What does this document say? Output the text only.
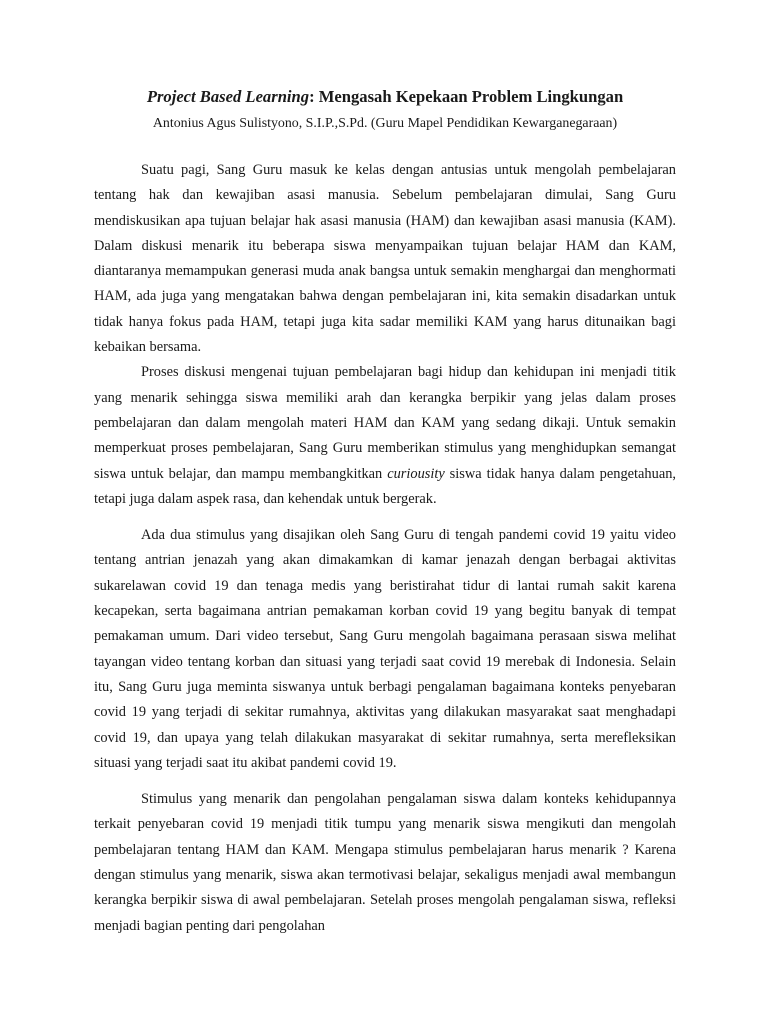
Project Based Learning: Mengasah Kepekaan Problem Lingkungan

Antonius Agus Sulistyono, S.I.P.,S.Pd. (Guru Mapel Pendidikan Kewarganegaraan)

Suatu pagi, Sang Guru masuk ke kelas dengan antusias untuk mengolah pembelajaran tentang hak dan kewajiban asasi manusia. Sebelum pembelajaran dimulai, Sang Guru mendiskusikan apa tujuan belajar hak asasi manusia (HAM) dan kewajiban asasi manusia (KAM). Dalam diskusi menarik itu beberapa siswa menyampaikan tujuan belajar HAM dan KAM, diantaranya memampukan generasi muda anak bangsa untuk semakin menghargai dan menghormati HAM, ada juga yang mengatakan bahwa dengan pembelajaran ini, kita semakin disadarkan untuk tidak hanya fokus pada HAM, tetapi juga kita sadar memiliki KAM yang harus ditunaikan bagi kebaikan bersama.

Proses diskusi mengenai tujuan pembelajaran bagi hidup dan kehidupan ini menjadi titik yang menarik sehingga siswa memiliki arah dan kerangka berpikir yang jelas dalam proses pembelajaran dan dalam mengolah materi HAM dan KAM yang sedang dikaji. Untuk semakin memperkuat proses pembelajaran, Sang Guru memberikan stimulus yang menghidupkan semangat siswa untuk belajar, dan mampu membangkitkan curiousity siswa tidak hanya dalam pengetahuan, tetapi juga dalam aspek rasa, dan kehendak untuk bergerak.

Ada dua stimulus yang disajikan oleh Sang Guru di tengah pandemi covid 19 yaitu video tentang antrian jenazah yang akan dimakamkan di kamar jenazah dengan berbagai aktivitas sukarelawan covid 19 dan tenaga medis yang beristirahat tidur di lantai rumah sakit karena kecapekan, serta bagaimana antrian pemakaman korban covid 19 yang begitu banyak di tempat pemakaman umum. Dari video tersebut, Sang Guru mengolah bagaimana perasaan siswa melihat tayangan video tentang korban dan situasi yang terjadi saat covid 19 merebak di Indonesia. Selain itu, Sang Guru juga meminta siswanya untuk berbagi pengalaman bagaimana konteks penyebaran covid 19 yang terjadi di sekitar rumahnya, aktivitas yang dilakukan masyarakat saat menghadapi covid 19, dan upaya yang telah dilakukan masyarakat di sekitar rumahnya, serta merefleksikan situasi yang terjadi saat itu akibat pandemi covid 19.

Stimulus yang menarik dan pengolahan pengalaman siswa dalam konteks kehidupannya terkait penyebaran covid 19 menjadi titik tumpu yang menarik siswa mengikuti dan mengolah pembelajaran tentang HAM dan KAM. Mengapa stimulus pembelajaran harus menarik ? Karena dengan stimulus yang menarik, siswa akan termotivasi belajar, sekaligus menjadi awal membangun kerangka berpikir siswa di awal pembelajaran. Setelah proses mengolah pengalaman siswa, refleksi menjadi bagian penting dari pengolahan
